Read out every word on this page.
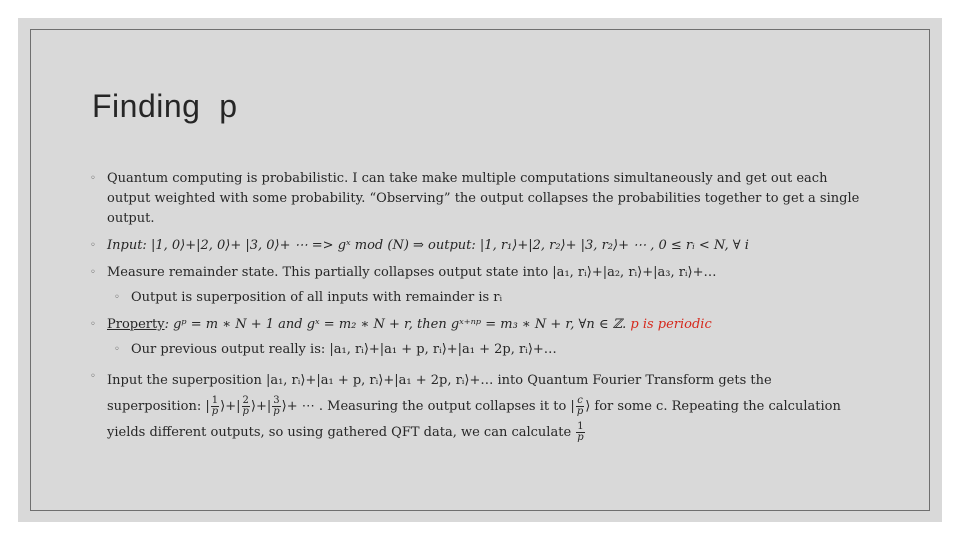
Finding  p
◦ Quantum computing is probabilistic. I can take make multiple computations simultaneously and get out each
output weighted with some probability. “Observing” the output collapses the probabilities together to get a single
output.
◦ Input: |1, 0⟩+|2, 0⟩+ |3, 0⟩+ ⋯ => gˣ mod (N) ⇒ output: |1, r₁⟩+|2, r₂⟩+ |3, r₂⟩+ ⋯ , 0 ≤ rᵢ < N, ∀ i
◦ Measure remainder state. This partially collapses output state into |a₁, rᵢ⟩+|a₂, rᵢ⟩+|a₃, rᵢ⟩+…
◦ Output is superposition of all inputs with remainder is rᵢ
◦ Property: gᵖ = m ∗ N + 1 and gˣ = m₂ ∗ N + r, then gˣ⁺ⁿᵖ = m₃ ∗ N + r, ∀n ∈ ℤ. p is periodic
◦ Our previous output really is: |a₁, rᵢ⟩+|a₁ + p, rᵢ⟩+|a₁ + 2p, rᵢ⟩+…
◦ Input the superposition |a₁, rᵢ⟩+|a₁ + p, rᵢ⟩+|a₁ + 2p, rᵢ⟩+… into Quantum Fourier Transform gets the
superposition: | $\frac{1}{p}$ ⟩+| $\frac{2}{p}$ ⟩+| $\frac{3}{p}$ ⟩+ ⋯ . Measuring the output collapses it to | $\frac{c}{p}$ ⟩ for some c. Repeating the calculation
yields different outputs, so using gathered QFT data, we can calculate $\frac{1}{p}$
